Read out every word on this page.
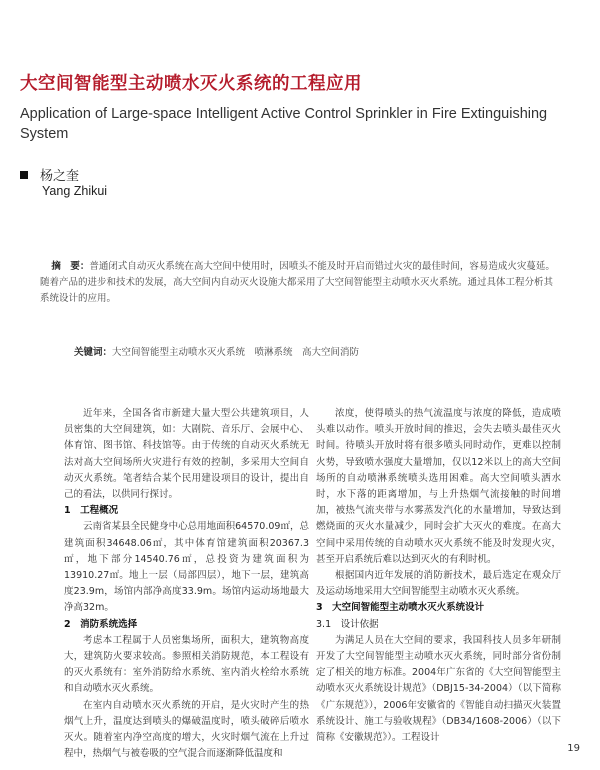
大空间智能型主动喷水灭火系统的工程应用
Application of Large-space Intelligent Active Control Sprinkler in Fire Extinguishing System
杨之奎
Yang Zhikui
摘　要：普通闭式自动灭火系统在高大空间中使用时，因喷头不能及时开启而错过火灾的最佳时间，容易造成火灾蔓延。随着产品的进步和技术的发展，高大空间内自动灭火设施大都采用了大空间智能型主动喷水灭火系统。通过具体工程分析其系统设计的应用。
关键词：大空间智能型主动喷水灭火系统　喷淋系统　高大空间消防

近年来，全国各省市新建大量大型公共建筑项目，人员密集的大空间建筑，如：大剧院、音乐厅、会展中心、体育馆、图书馆、科技馆等。由于传统的自动灭火系统无法对高大空间场所火灾进行有效的控制，多采用大空间自动灭火系统。笔者结合某个民用建设项目的设计，提出自己的看法，以供同行探讨。

1　工程概况

云南省某县全民健身中心总用地面积64570.09㎡，总建筑面积34648.06㎡，其中体育馆建筑面积20367.3㎡，地下部分14540.76㎡，总投资为建筑面积为13910.27㎡。地上一层（局部四层），地下一层，建筑高度23.9m，场馆内部净高度33.9m。场馆内运动场地最大净高32m。

2　消防系统选择

考虑本工程属于人员密集场所，面积大，建筑物高度大，建筑防火要求较高。参照相关消防规范，本工程设有的灭火系统有：室外消防给水系统、室内消火栓给水系统和自动喷水灭火系统。

在室内自动喷水灭火系统的开启，是火灾时产生的热烟气上升，温度达到喷头的爆破温度时，喷头破碎后喷水灭火。随着室内净空高度的增大，火灾时烟气流在上升过程中，热烟气与被卷吸的空气混合而逐渐降低温度和

浓度，使得喷头的热气流温度与浓度的降低，造成喷头难以动作。喷头开放时间的推迟，会失去喷头最佳灭火时间。待喷头开放时将有很多喷头同时动作，更难以控制火势，导致喷水强度大量增加，仅以12米以上的高大空间场所的自动喷淋系统喷头选用困难。高大空间喷头洒水时，水下落的距离增加，与上升热烟气流接触的时间增加，被热气流夹带与水雾蒸发汽化的水量增加，导致达到燃烧面的灭火水量减少，同时会扩大灭火的难度。在高大空间中采用传统的自动喷水灭火系统不能及时发现火灾，甚至开启系统后难以达到灭火的有利时机。

根据国内近年发展的消防新技术，最后选定在观众厅及运动场地采用大空间智能型主动喷水灭火系统。

3　大空间智能型主动喷水灭火系统设计

3.1　设计依据

为满足人员在大空间的要求，我国科技人员多年研制开发了大空间智能型主动喷水灭火系统，同时部分省份制定了相关的地方标准。2004年广东省的《大空间智能型主动喷水灭火系统设计规范》（DBJ15-34-2004）（以下简称《广东规范》），2006年安徽省的《智能自动扫描灭火装置系统设计、施工与验收规程》（DB34/1608-2006）（以下简称《安徽规范》）。工程设计

19
